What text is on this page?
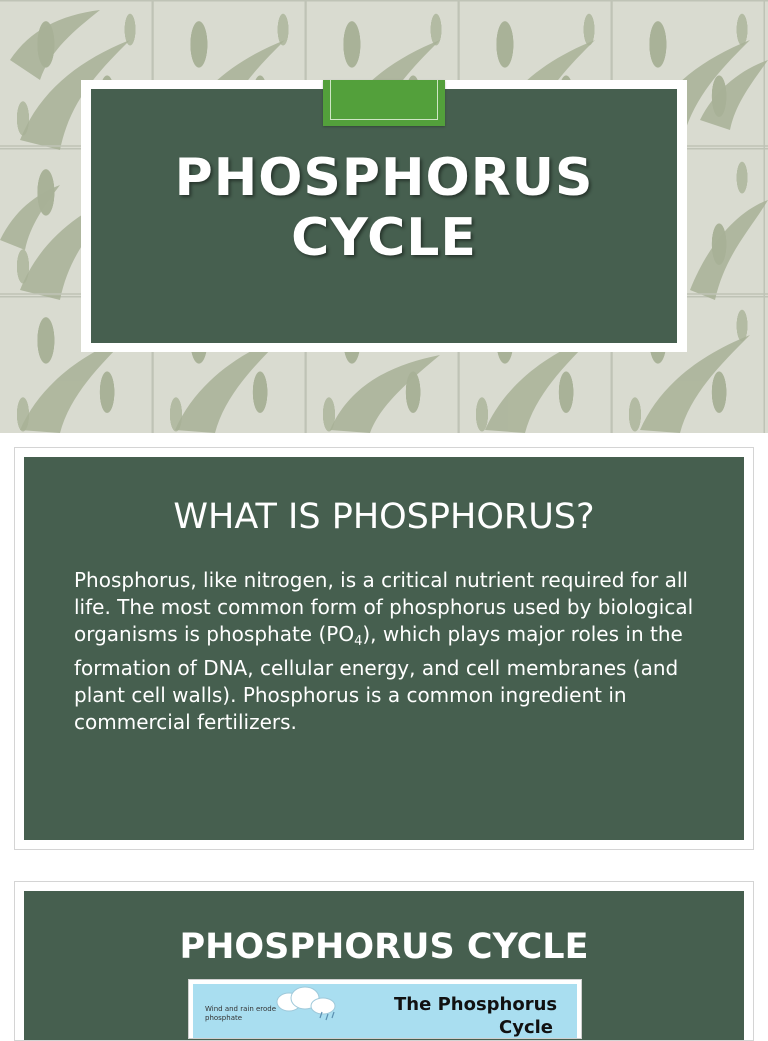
PHOSPHORUS
CYCLE
WHAT IS PHOSPHORUS?

Phosphorus, like nitrogen, is a critical nutrient required for all life. The most common form of phosphorus used by biological organisms is phosphate $(PO_4)$, which plays major roles in the formation of DNA, cellular energy, and cell membranes (and plant cell walls). Phosphorus is a common ingredient in commercial fertilizers.

PHOSPHORUS CYCLE
Wind and rain erode phosphate
The Phosphorus
Cycle
